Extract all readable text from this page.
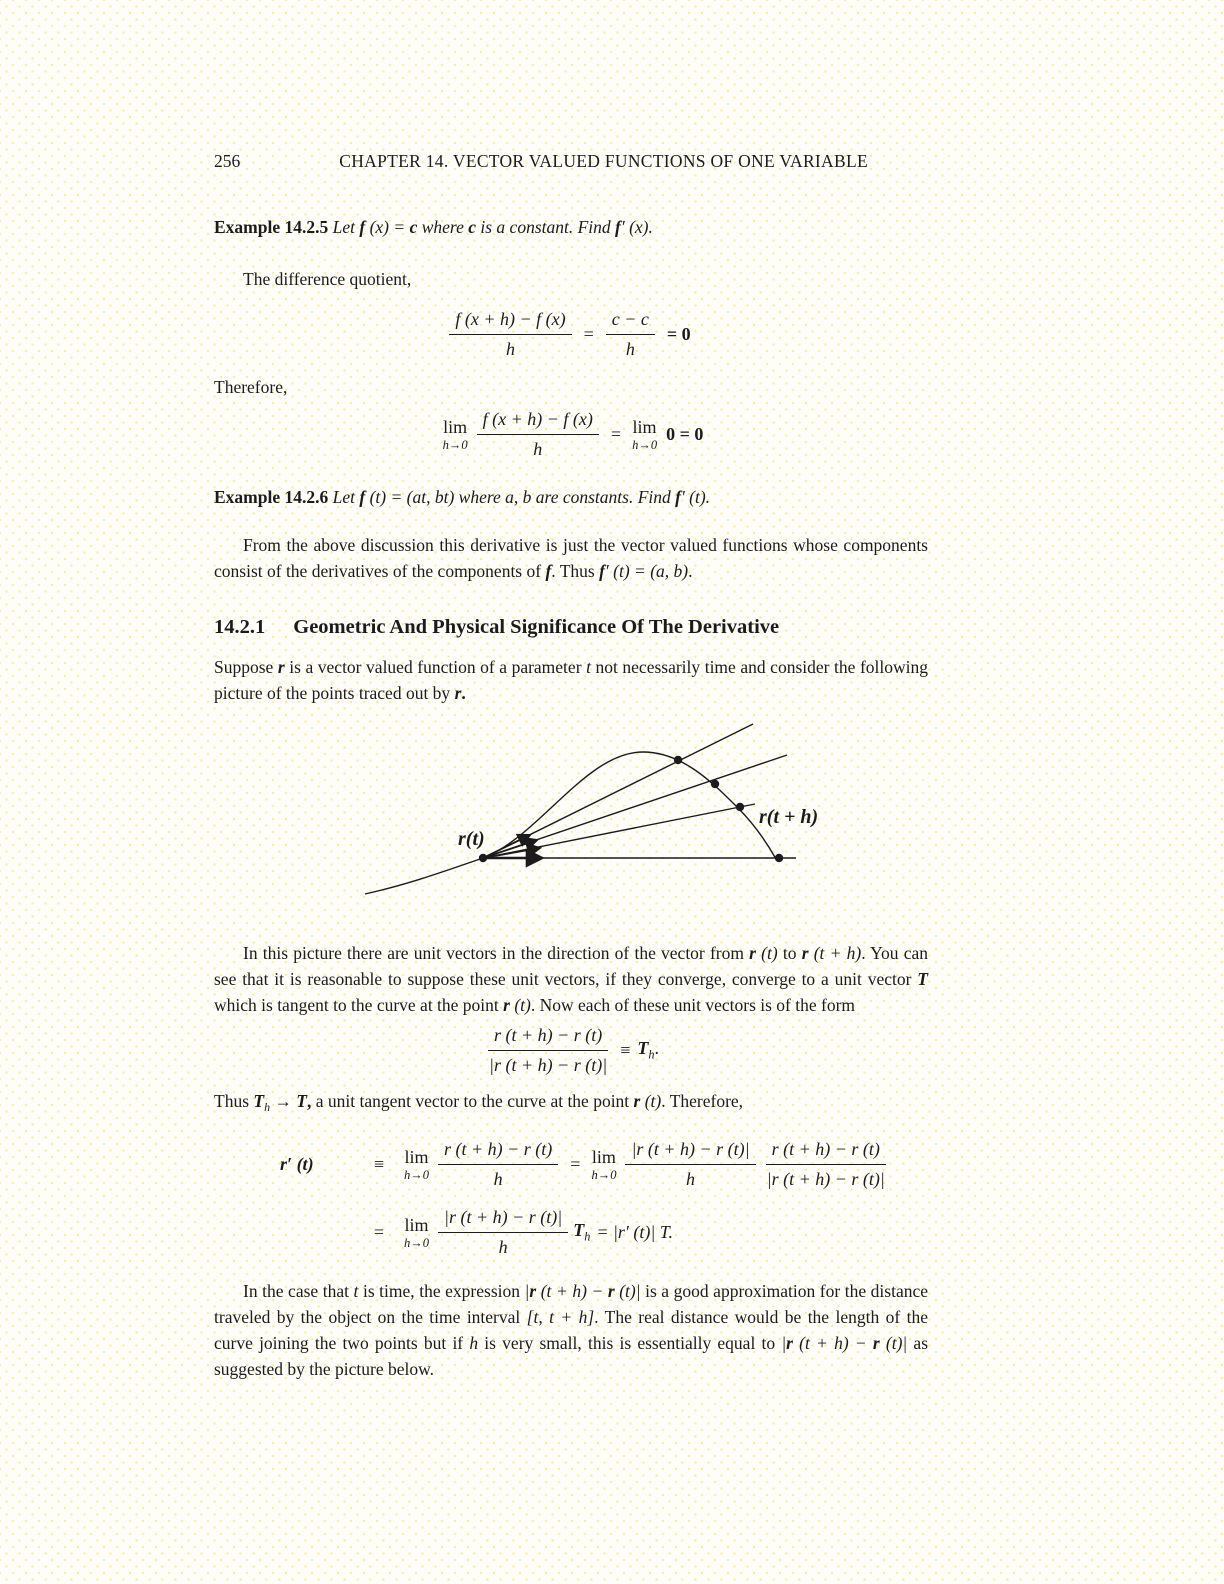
256	CHAPTER 14. VECTOR VALUED FUNCTIONS OF ONE VARIABLE

Example 14.2.5 Let f (x) = c where c is a constant. Find f′ (x).

The difference quotient,

$\frac{f (x + h) - f (x)}{h} = \frac{c - c}{h} = 0$

Therefore,

lim
$h\to 0 \frac{f (x + h) - f (x)}{h} = \lim$
h→0
0 = 0

Example 14.2.6 Let f (t) = (at, bt) where a, b are constants. Find f′ (t).

From the above discussion this derivative is just the vector valued functions whose components consist of the derivatives of the components of f. Thus f′ (t) = (a, b).

14.2.1 Geometric And Physical Significance Of The Derivative

Suppose r is a vector valued function of a parameter t not necessarily time and consider the following picture of the points traced out by r.

r(t)
r(t + h)

In this picture there are unit vectors in the direction of the vector from r (t) to r (t + h). You can see that it is reasonable to suppose these unit vectors, if they converge, converge to a unit vector T which is tangent to the curve at the point r (t). Now each of these unit vectors is of the form

$\frac{r (t + h) - r (t)}{|r (t + h) - r (t)|} \equiv T_h$.

Thus $T_h \to T$, a unit tangent vector to the curve at the point r (t). Therefore,

r′ (t)	≡	lim
$h\to 0 \frac{r (t + h) - r (t)}{h} = \lim$
$h\to 0 \frac{|r (t + h) - r (t)|}{h} \frac{r (t + h) - r (t)}{|r (t + h) - r (t)|}$
=	lim
$h\to 0 \frac{|r (t + h) - r (t)|}{h} T_h = |r'$ (t)| T.

In the case that t is time, the expression |r (t + h) − r (t)| is a good approximation for the distance traveled by the object on the time interval [t, t + h]. The real distance would be the length of the curve joining the two points but if h is very small, this is essentially equal to |r (t + h) − r (t)| as suggested by the picture below.
